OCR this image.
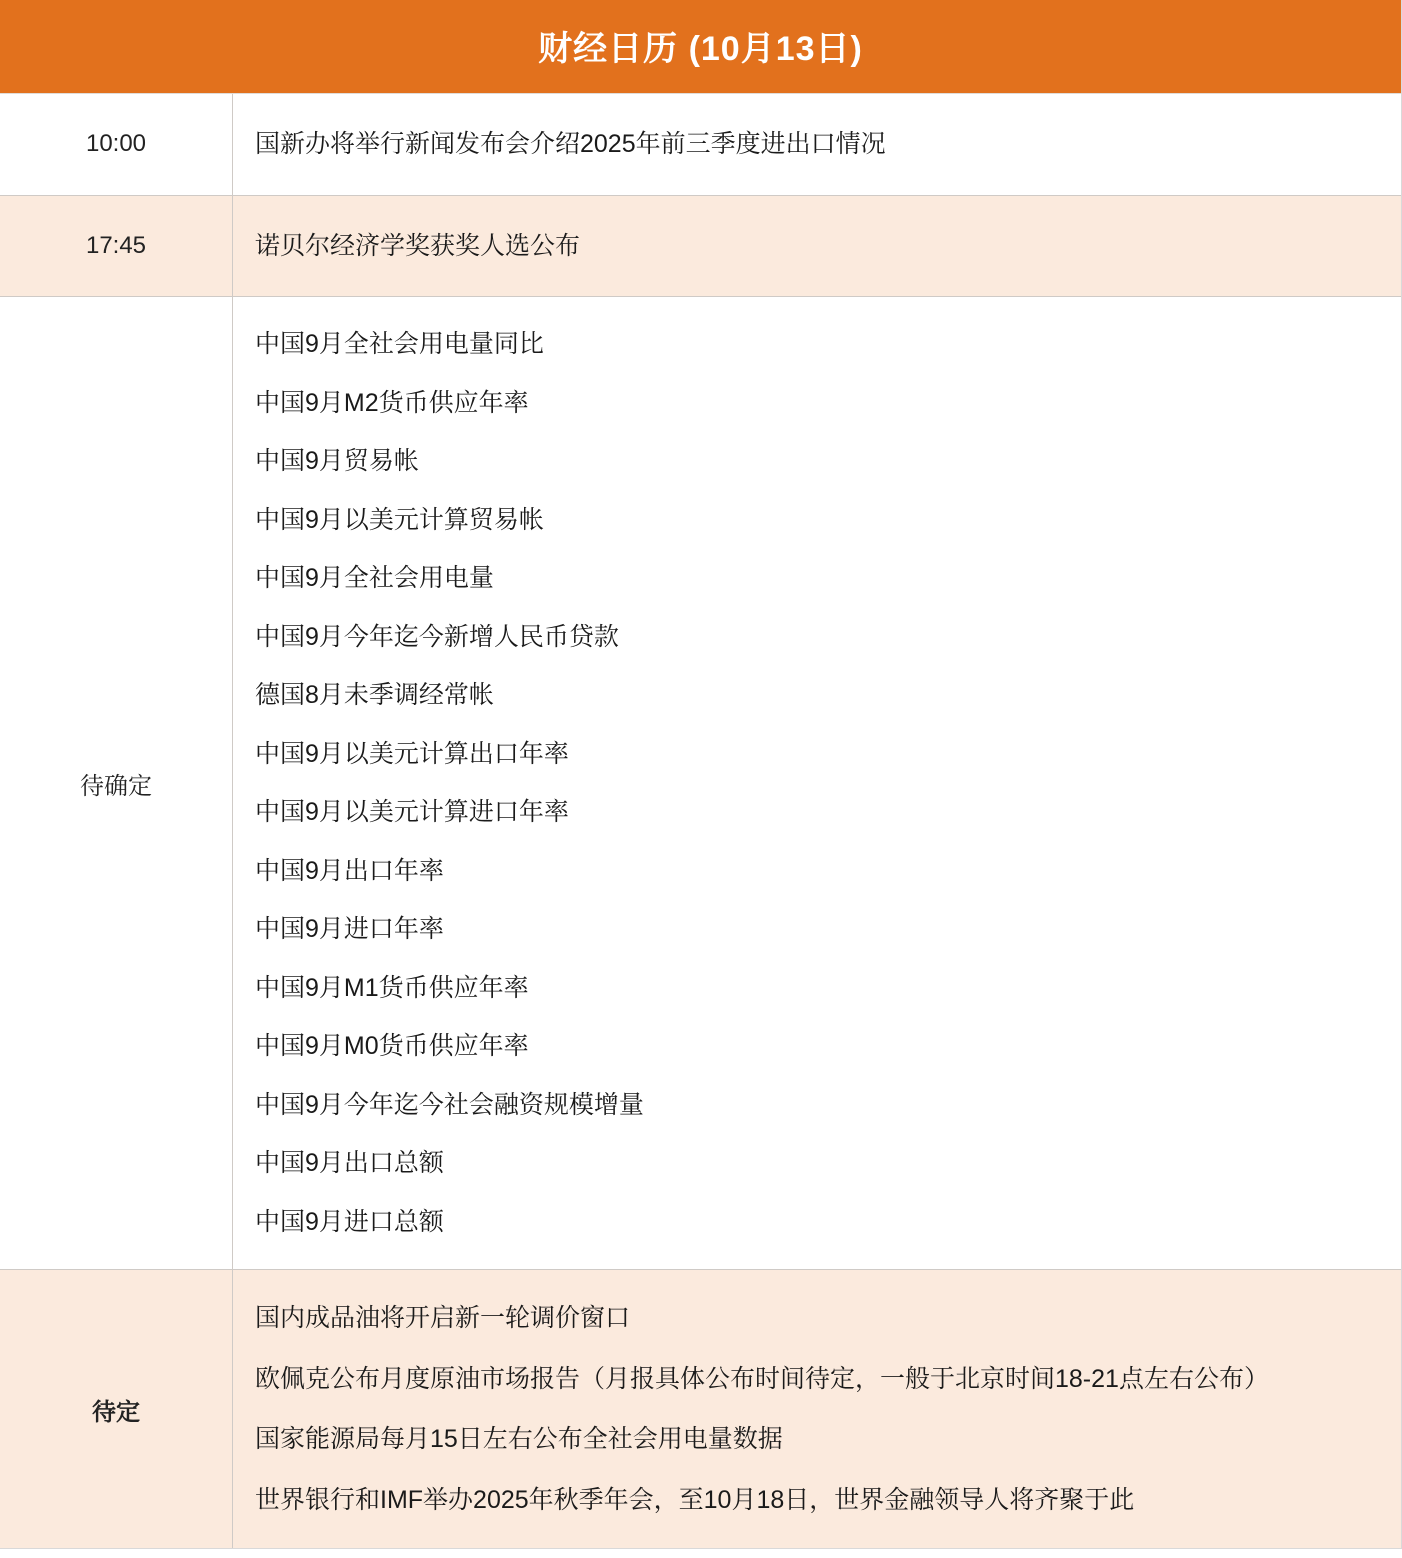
财经日历 (10月13日)
10:00	国新办将举行新闻发布会介绍2025年前三季度进出口情况
17:45	诺贝尔经济学奖获奖人选公布
待确定
中国9月全社会用电量同比
中国9月M2货币供应年率
中国9月贸易帐
中国9月以美元计算贸易帐
中国9月全社会用电量
中国9月今年迄今新增人民币贷款
德国8月未季调经常帐
中国9月以美元计算出口年率
中国9月以美元计算进口年率
中国9月出口年率
中国9月进口年率
中国9月M1货币供应年率
中国9月M0货币供应年率
中国9月今年迄今社会融资规模增量
中国9月出口总额
中国9月进口总额
待定
国内成品油将开启新一轮调价窗口
欧佩克公布月度原油市场报告（月报具体公布时间待定，一般于北京时间18-21点左右公布）
国家能源局每月15日左右公布全社会用电量数据
世界银行和IMF举办2025年秋季年会，至10月18日，世界金融领导人将齐聚于此
